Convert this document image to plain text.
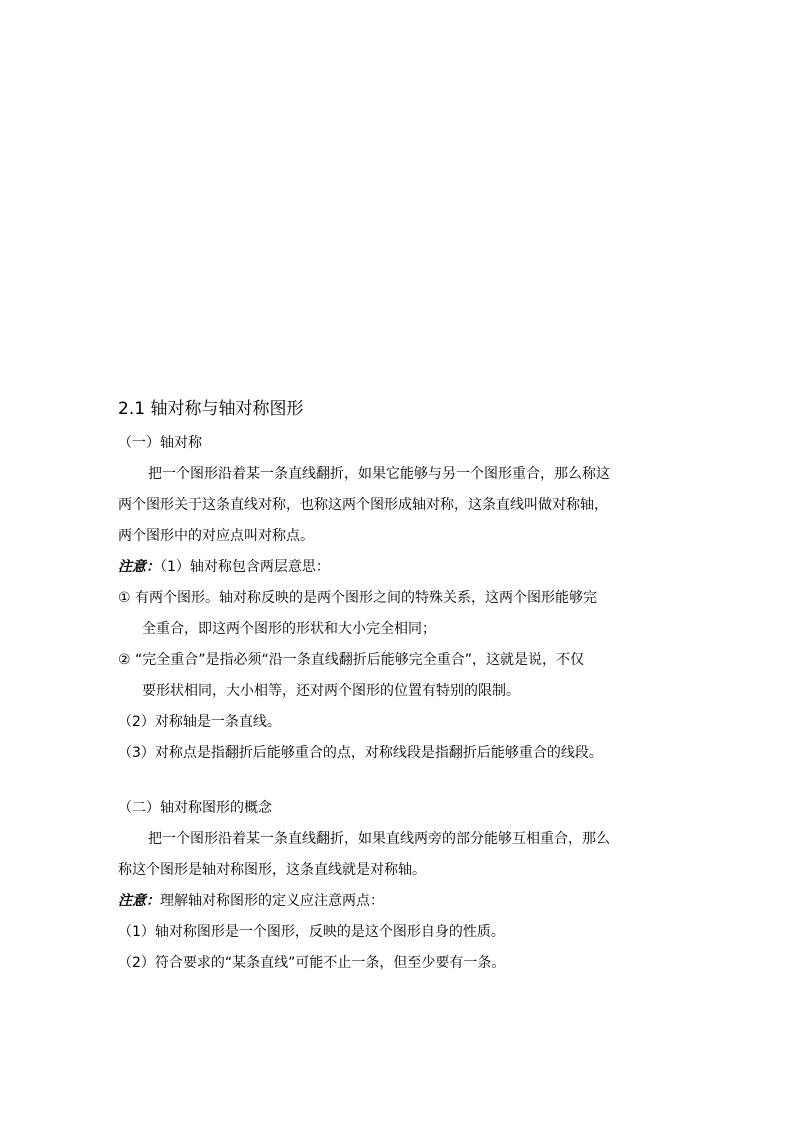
2.1 轴对称与轴对称图形
（一）轴对称
把一个图形沿着某一条直线翻折，如果它能够与另一个图形重合，那么称这
两个图形关于这条直线对称，也称这两个图形成轴对称，这条直线叫做对称轴，
两个图形中的对应点叫对称点。
注意：（1）轴对称包含两层意思：
① 有两个图形。轴对称反映的是两个图形之间的特殊关系，这两个图形能够完
全重合，即这两个图形的形状和大小完全相同；
② “完全重合”是指必须“沿一条直线翻折后能够完全重合”，这就是说，不仅
要形状相同，大小相等，还对两个图形的位置有特别的限制。
（2）对称轴是一条直线。
（3）对称点是指翻折后能够重合的点，对称线段是指翻折后能够重合的线段。
（二）轴对称图形的概念
把一个图形沿着某一条直线翻折，如果直线两旁的部分能够互相重合，那么
称这个图形是轴对称图形，这条直线就是对称轴。
注意：理解轴对称图形的定义应注意两点：
（1）轴对称图形是一个图形，反映的是这个图形自身的性质。
（2）符合要求的“某条直线”可能不止一条，但至少要有一条。
